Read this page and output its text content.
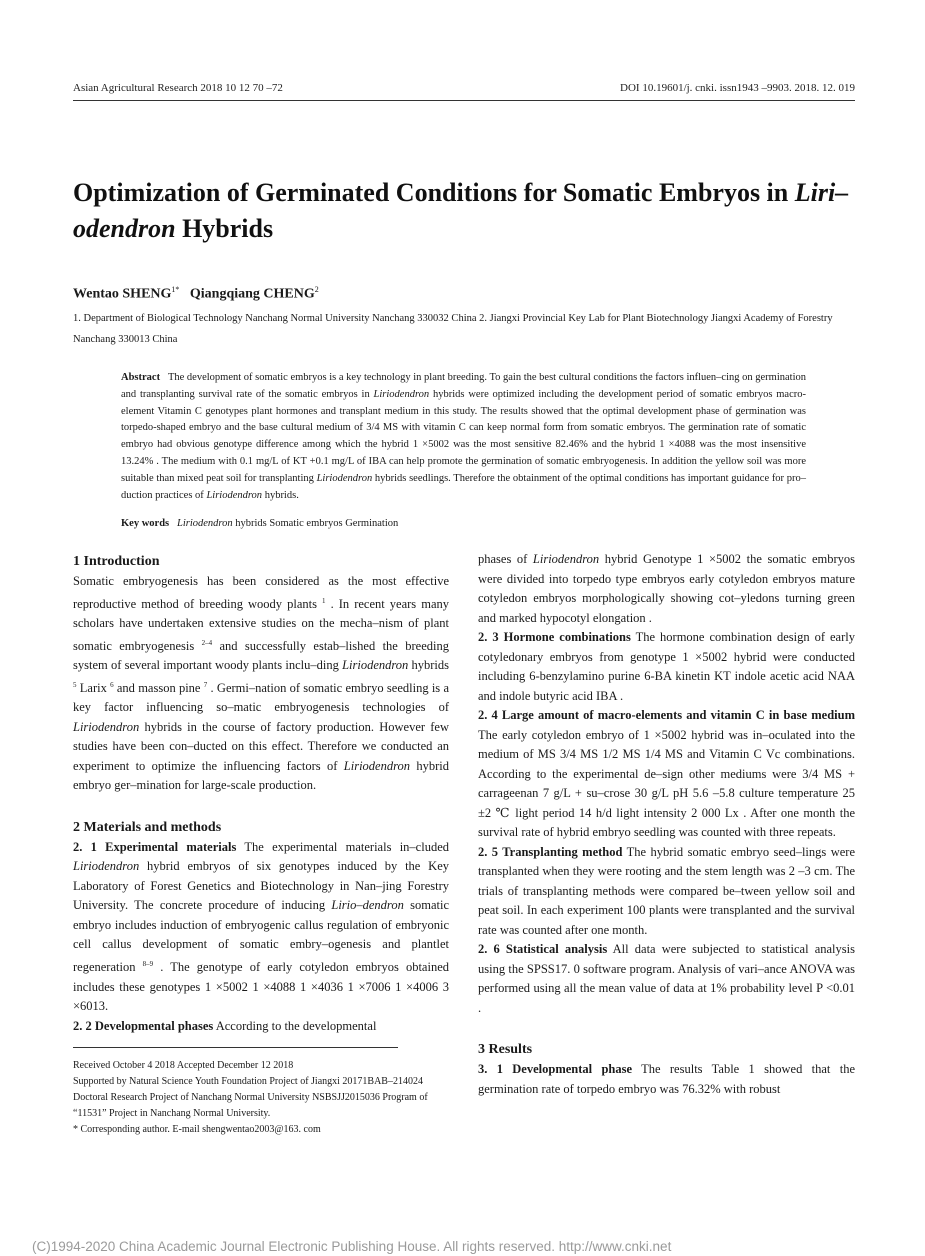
Asian Agricultural Research 2018 10 12 70 –72	DOI 10.19601/j. cnki. issn1943 –9903. 2018. 12. 019
Optimization of Germinated Conditions for Somatic Embryos in Liri–odendron Hybrids
Wentao $SHENG^{1*}$ Qiangqiang CHENG$^2$
1. Department of Biological Technology Nanchang Normal University Nanchang 330032 China 2. Jiangxi Provincial Key Lab for Plant Biotechnology Jiangxi Academy of Forestry Nanchang 330013 China
Abstract The development of somatic embryos is a key technology in plant breeding. To gain the best cultural conditions the factors influen–cing on germination and transplanting survival rate of the somatic embryos in Liriodendron hybrids were optimized including the development period of somatic embryos macro-element Vitamin C genotypes plant hormones and transplant medium in this study. The results showed that the optimal development phase of germination was torpedo-shaped embryo and the base cultural medium of 3/4 MS with vitamin C can keep normal form from somatic embryos. The germination rate of somatic embryo had obvious genotype difference among which the hybrid 1 ×5002 was the most sensitive 82.46% and the hybrid 1 ×4088 was the most insensitive 13.24% . The medium with 0.1 mg/L of KT +0.1 mg/L of IBA can help promote the germination of somatic embryogenesis. In addition the yellow soil was more suitable than mixed peat soil for transplanting Liriodendron hybrids seedlings. Therefore the obtainment of the optimal conditions has important guidance for pro–duction practices of Liriodendron hybrids.
Key words Liriodendron hybrids Somatic embryos Germination
1 Introduction

Somatic embryogenesis has been considered as the most effective reproductive method of breeding woody plants $^1$ . In recent years many scholars have undertaken extensive studies on the mecha–nism of plant somatic embryogenesis $^{2-4}$ and successfully estab–lished the breeding system of several important woody plants inclu–ding Liriodendron hybrids $^5$ Larix $^6$ and masson pine $^7$ . Germi–nation of somatic embryo seedling is a key factor influencing so–matic embryogenesis technologies of Liriodendron hybrids in the course of factory production. However few studies have been con–ducted on this effect. Therefore we conducted an experiment to optimize the influencing factors of Liriodendron hybrid embryo ger–mination for large-scale production.

2 Materials and methods

2. 1 Experimental materials The experimental materials in–cluded Liriodendron hybrid embryos of six genotypes induced by the Key Laboratory of Forest Genetics and Biotechnology in Nan–jing Forestry University. The concrete procedure of inducing Lirio–dendron somatic embryo includes induction of embryogenic callus regulation of embryonic cell callus development of somatic embry–ogenesis and plantlet regeneration $^{8-9}$ . The genotype of early cotyledon embryos obtained includes these genotypes 1 ×5002 1 ×4088 1 ×4036 1 ×7006 1 ×4006 3 ×6013.

2. 2 Developmental phases According to the developmental

Received October 4 2018 Accepted December 12 2018
Supported by Natural Science Youth Foundation Project of Jiangxi 20171BAB–214024 Doctoral Research Project of Nanchang Normal University NSBSJJ2015036 Program of “11531” Project in Nanchang Normal University.
* Corresponding author. E-mail shengwentao2003@163. com

phases of Liriodendron hybrid Genotype 1 ×5002 the somatic embryos were divided into torpedo type embryos early cotyledon embryos mature cotyledon embryos morphologically showing cot–yledons turning green and marked hypocotyl elongation .

2. 3 Hormone combinations The hormone combination design of early cotyledonary embryos from genotype 1 ×5002 hybrid were conducted including 6-benzylamino purine 6-BA kinetin KT indole acetic acid NAA and indole butyric acid IBA .

2. 4 Large amount of macro-elements and vitamin C in base medium The early cotyledon embryo of 1 ×5002 hybrid was in–oculated into the medium of MS 3/4 MS 1/2 MS 1/4 MS and Vitamin C Vc combinations. According to the experimental de–sign other mediums were 3/4 MS + carrageenan 7 g/L + su–crose 30 g/L pH 5.6 –5.8 culture temperature 25 ±2 ℃ light period 14 h/d light intensity 2 000 Lx . After one month the survival rate of hybrid embryo seedling was counted with three repeats.

2. 5 Transplanting method The hybrid somatic embryo seed–lings were transplanted when they were rooting and the stem length was 2 –3 cm. The trials of transplanting methods were compared be–tween yellow soil and peat soil. In each experiment 100 plants were transplanted and the survival rate was counted after one month.

2. 6 Statistical analysis All data were subjected to statistical analysis using the SPSS17. 0 software program. Analysis of vari–ance ANOVA was performed using all the mean value of data at 1% probability level P <0.01 .

3 Results

3. 1 Developmental phase The results Table 1 showed that the germination rate of torpedo embryo was 76.32% with robust

(C)1994-2020 China Academic Journal Electronic Publishing House. All rights reserved. http://www.cnki.net
